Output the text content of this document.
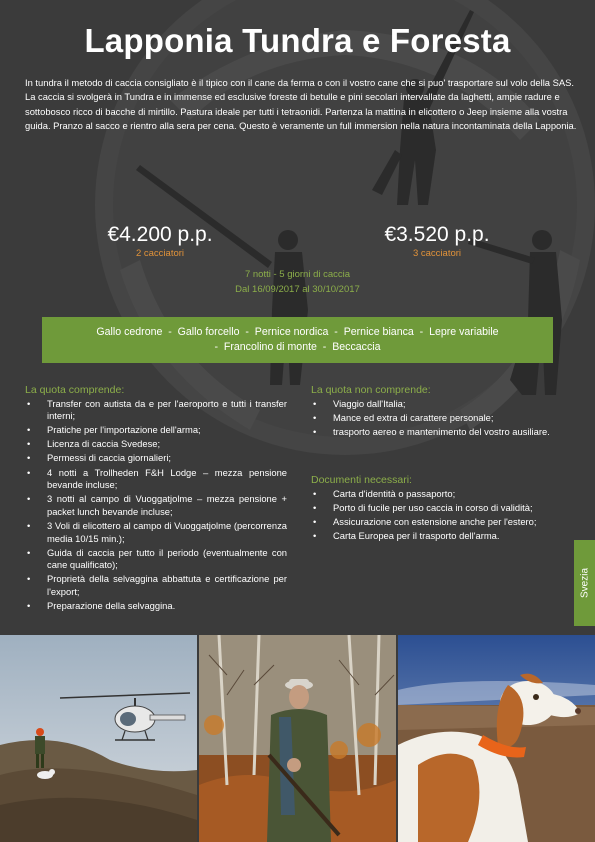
Lapponia Tundra e Foresta

In tundra il metodo di caccia consigliato è il tipico con il cane da ferma o con il vostro cane che si puo' trasportare sul volo della SAS.

La caccia si svolgerà in Tundra e in immense ed esclusive foreste di betulle e pini secolari intervallate da laghetti, ampie radure e sottobosco ricco di bacche di mirtillo. Pastura ideale per tutti i tetraonidi. Partenza la mattina in elicottero o Jeep insieme alla vostra guida. Pranzo al sacco e rientro alla sera per cena. Questo è veramente un full immersion nella natura incontaminata della Lapponia.

€4.200 p.p.
2 cacciatori
€3.520 p.p.
3 cacciatori
7 notti - 5 giorni di caccia
Dal 16/09/2017 al 30/10/2017
Gallo cedrone  -  Gallo forcello  -  Pernice nordica  -  Pernice bianca  -  Lepre variabile
-  Francolino di monte  -  Beccaccia
La quota comprende:
• Transfer con autista da e per l'aeroporto e tutti i transfer interni;
• Pratiche per l'importazione dell'arma;
• Licenza di caccia Svedese;
• Permessi di caccia giornalieri;
• 4 notti a Trollheden F&H Lodge – mezza pensione bevande incluse;
• 3 notti al campo di Vuoggatjolme – mezza pensione + packet lunch bevande incluse;
• 3 Voli di elicottero al campo di Vuoggatjolme (percorrenza media 10/15 min.);
• Guida di caccia per tutto il periodo (eventualmente con cane qualificato);
• Proprietà della selvaggina abbattuta e certificazione per l'export;
• Preparazione della selvaggina.
La quota non comprende:
• Viaggio dall'Italia;
• Mance ed extra di carattere personale;
• trasporto aereo e mantenimento del vostro ausiliare.
Documenti necessari:
• Carta d'identità o passaporto;
• Porto di fucile per uso caccia in corso di validità;
• Assicurazione con estensione anche per l'estero;
• Carta Europea per il trasporto dell'arma.
Svezia
